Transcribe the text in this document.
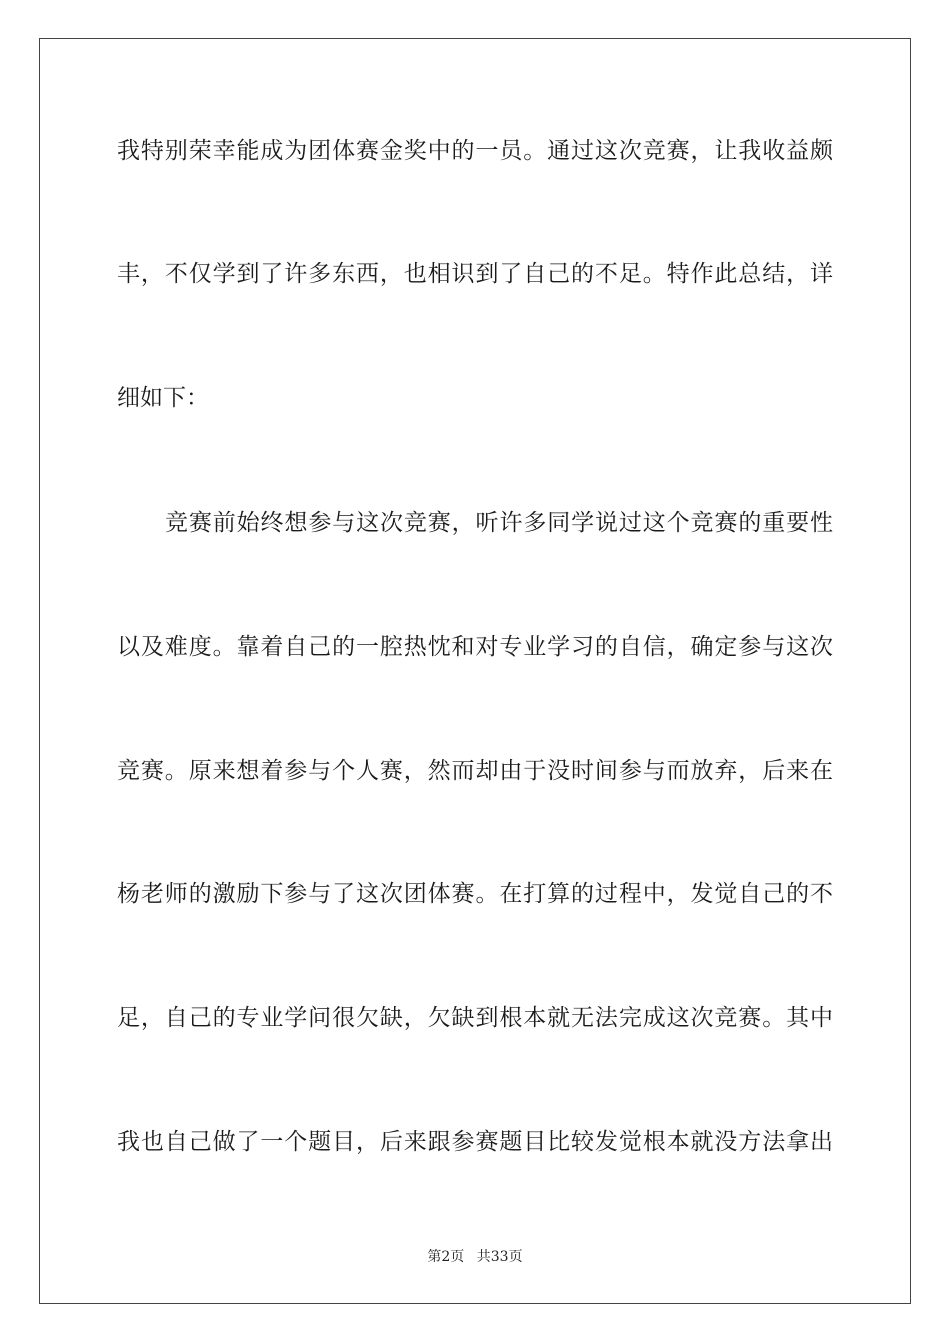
我特别荣幸能成为团体赛金奖中的一员。通过这次竞赛，让我收益颇
丰，不仅学到了许多东西，也相识到了自己的不足。特作此总结，详
细如下：
竞赛前始终想参与这次竞赛，听许多同学说过这个竞赛的重要性
以及难度。靠着自己的一腔热忱和对专业学习的自信，确定参与这次
竞赛。原来想着参与个人赛，然而却由于没时间参与而放弃，后来在
杨老师的激励下参与了这次团体赛。在打算的过程中，发觉自己的不
足，自己的专业学问很欠缺，欠缺到根本就无法完成这次竞赛。其中
我也自己做了一个题目，后来跟参赛题目比较发觉根本就没方法拿出
第2页 共33页
